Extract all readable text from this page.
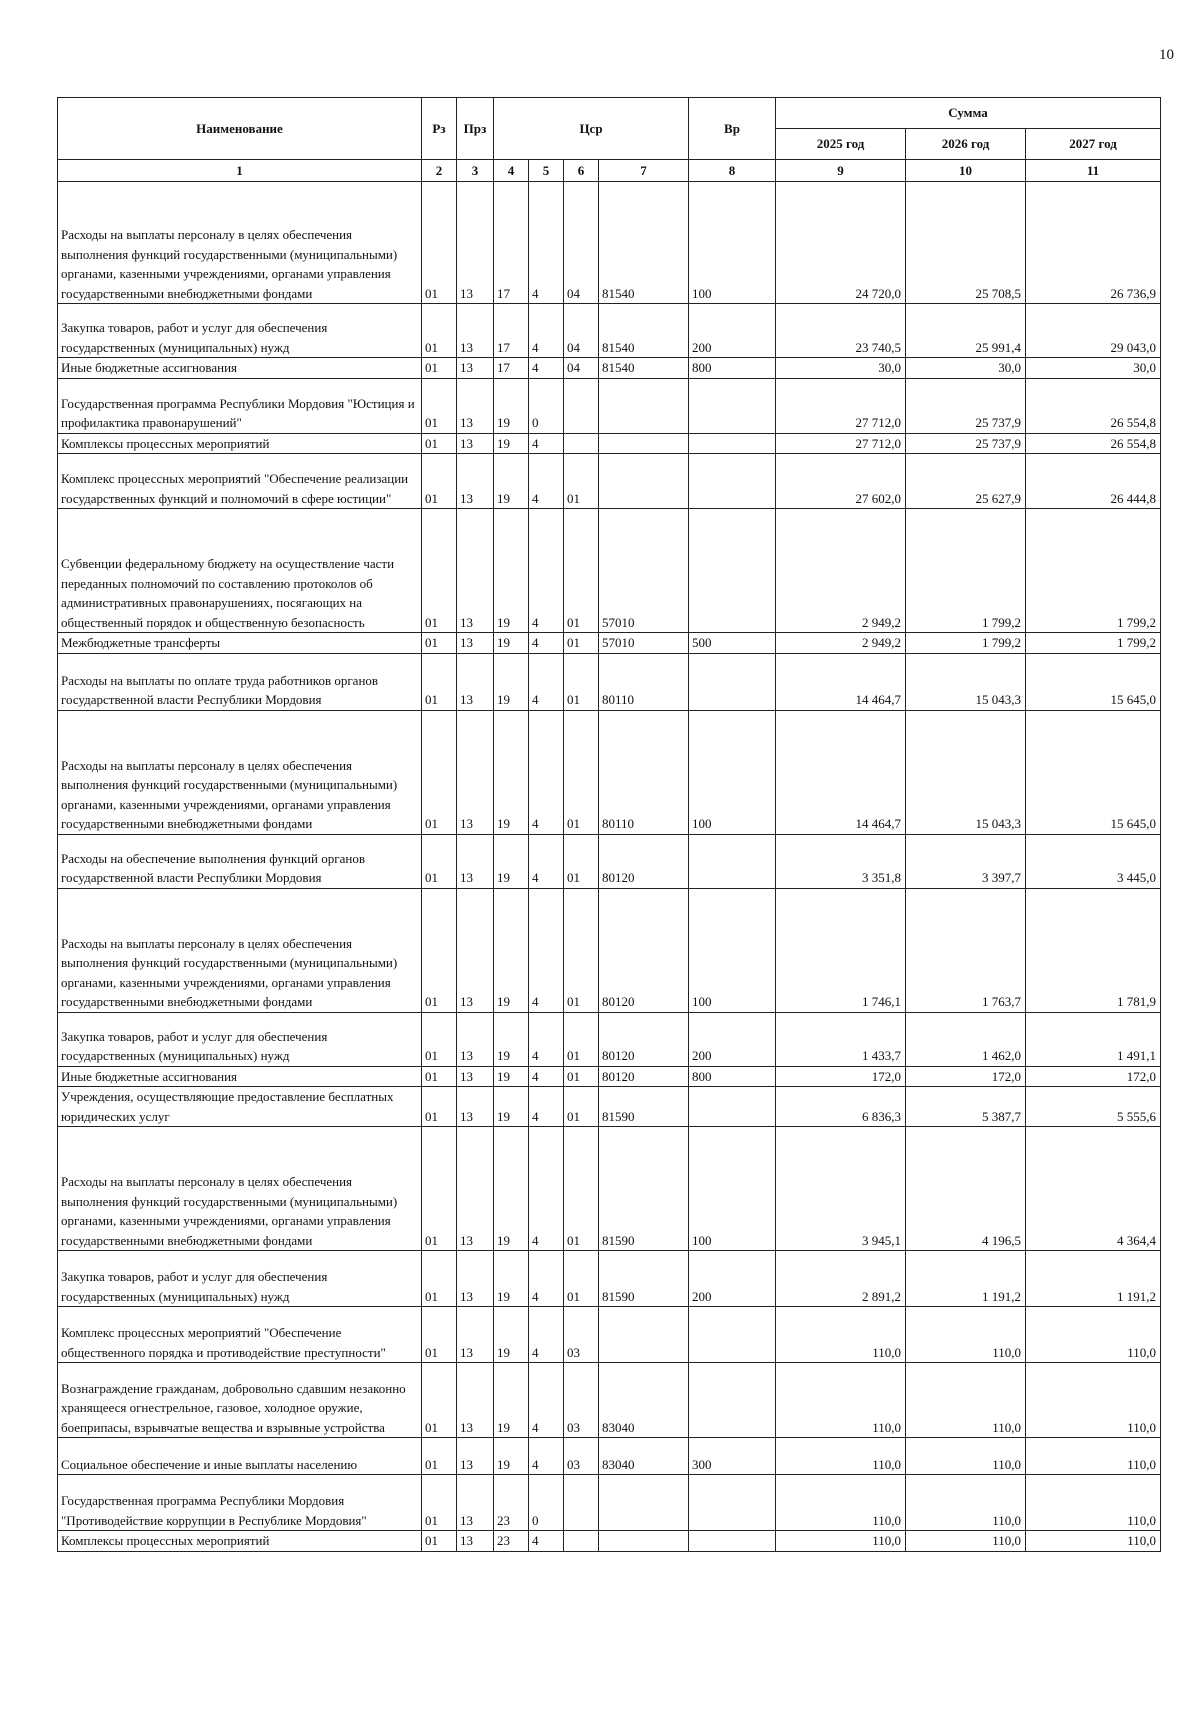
10
Наименование	Рз	Прз	Цср				Вр	Сумма		
								2025 год	2026 год	2027 год
1	2	3	4	5	6	7	8	9	10	11
Расходы на выплаты персоналу в целях обеспечения выполнения функций государственными (муниципальными) органами, казенными учреждениями, органами управления государственными внебюджетными фондами	01	13	17	4	04	81540	100	24 720,0	25 708,5	26 736,9
Закупка товаров, работ и услуг для обеспечения государственных (муниципальных) нужд	01	13	17	4	04	81540	200	23 740,5	25 991,4	29 043,0
Иные бюджетные ассигнования	01	13	17	4	04	81540	800	30,0	30,0	30,0
Государственная программа Республики Мордовия "Юстиция и профилактика правонарушений"	01	13	19	0				27 712,0	25 737,9	26 554,8
Комплексы процессных мероприятий	01	13	19	4				27 712,0	25 737,9	26 554,8
Комплекс процессных мероприятий "Обеспечение реализации государственных функций и полномочий в сфере юстиции"	01	13	19	4	01			27 602,0	25 627,9	26 444,8
Субвенции федеральному бюджету на осуществление части переданных полномочий по составлению протоколов об административных правонарушениях, посягающих на общественный порядок и общественную безопасность	01	13	19	4	01	57010		2 949,2	1 799,2	1 799,2
Межбюджетные трансферты	01	13	19	4	01	57010	500	2 949,2	1 799,2	1 799,2
Расходы на выплаты по оплате труда работников органов государственной власти Республики Мордовия	01	13	19	4	01	80110		14 464,7	15 043,3	15 645,0
Расходы на выплаты персоналу в целях обеспечения выполнения функций государственными (муниципальными) органами, казенными учреждениями, органами управления государственными внебюджетными фондами	01	13	19	4	01	80110	100	14 464,7	15 043,3	15 645,0
Расходы на обеспечение выполнения функций органов государственной власти Республики Мордовия	01	13	19	4	01	80120		3 351,8	3 397,7	3 445,0
Расходы на выплаты персоналу в целях обеспечения выполнения функций государственными (муниципальными) органами, казенными учреждениями, органами управления государственными внебюджетными фондами	01	13	19	4	01	80120	100	1 746,1	1 763,7	1 781,9
Закупка товаров, работ и услуг для обеспечения государственных (муниципальных) нужд	01	13	19	4	01	80120	200	1 433,7	1 462,0	1 491,1
Иные бюджетные ассигнования	01	13	19	4	01	80120	800	172,0	172,0	172,0
Учреждения, осуществляющие предоставление бесплатных юридических услуг	01	13	19	4	01	81590		6 836,3	5 387,7	5 555,6
Расходы на выплаты персоналу в целях обеспечения выполнения функций государственными (муниципальными) органами, казенными учреждениями, органами управления государственными внебюджетными фондами	01	13	19	4	01	81590	100	3 945,1	4 196,5	4 364,4
Закупка товаров, работ и услуг для обеспечения государственных (муниципальных) нужд	01	13	19	4	01	81590	200	2 891,2	1 191,2	1 191,2
Комплекс процессных мероприятий "Обеспечение общественного порядка и противодействие преступности"	01	13	19	4	03			110,0	110,0	110,0
Вознаграждение гражданам, добровольно сдавшим незаконно хранящееся огнестрельное, газовое, холодное оружие, боеприпасы, взрывчатые вещества и взрывные устройства	01	13	19	4	03	83040		110,0	110,0	110,0
Социальное обеспечение и иные выплаты населению	01	13	19	4	03	83040	300	110,0	110,0	110,0
Государственная программа Республики Мордовия "Противодействие коррупции в Республике Мордовия"	01	13	23	0				110,0	110,0	110,0
Комплексы процессных мероприятий	01	13	23	4				110,0	110,0	110,0
